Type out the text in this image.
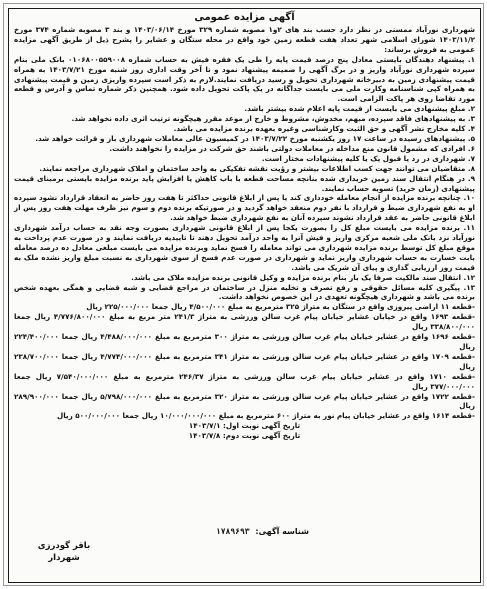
آگهی مزایده عمومی

شهرداری نورآباد ممسنی در نظر دارد حسب بند های ۲و۱ مصوبه شماره ۳۲۹ مورخ ۱۴۰۳/۰۶/۱۴ و بند ۳ مصوبه شماره ۳۷۴ مورخ ۱۴۰۳/۱۱/۲ شورای اسلامی شهر تعداد هفت قطعه زمین خود واقع در محله ستگان و عشایر را پشرح ذیل از طریق آگهی مزایده عمومی به فروش برساند:

۱. پیشنهاد دهندگان بایستی معادل پنج درصد قیمت پایه را طی یک فقره فیش به حساب شماره ۰۱۰۶۸۰۰۵۵۹۰۰۸ بانک ملی بنام سپرده شهرداری نورآباد واریز و در برگ آگهی را ضمیمه پیشنهاد نمود و تا آخر وقت اداری روز شنبه مورخ ۱۴۰۳/۷/۲۱ به همراه قیمت پیشنهادی زمین به دبیرخانه شهرداری تحویل و رسید دریافت نمایند.لازم به ذکر است سپرده واریزی زمین و قیمت پیشنهادی به همراه کپی شناسنامه وکارت ملی می بایست جداگانه در یک پاکت تحویل داده شود. همچنین ذکر شماره تماس و آدرس و قطعه مورد تقاضا روی هر پاکت الزامی است.

۲. مبلغ پیشنهادی می بایست از قیمت پایه اعلام شده بیشتر باشد.

۳. به پیشنهادهای فاقد سپرده، مبهم، مخدوش، مشروط و خارج از موعد مقرر هیچگونه ترتیب اثری داده نخواهد شد.

۴. کلیه مخارج نشر آگهی و حق الثبت وکارشناسی وغیره بعهده برنده مزایده می باشد.

۵. پیشنهادهای رسیده در ساعت ۱۷ روز یکشنبه مورخ ۱۴۰۳/۷/۲۲ در کمیسیون عالی معاملات شهرداری باز و قرائت خواهد شد.

۶. افرادی که مشمول قانون منع مداخله در معاملات دولتی باشند حق شرکت در مزایده را نخواهند داشت.

۷. شهرداری در رد یا قبول یک یا کلیه پیشنهادات مختار است.

۸. متقاضیان می توانند جهت کسب اطلاعات بیشتر و رؤیت نقشه تفکیکی به واحد ساختمان و املاک شهرداری مراجعه نمایند.

۹. در هنگام انتقال سند زمین خریداری شده بنانچه مساحت قطعه با باب کاهش یا افزایش پاید برنده مزایده بایستی برمبنای قیمت پیشنهادی (زمان خرید) تسویه حساب نمایند.

۱۰. چنانچه برنده مزایده از انجام معامله خودداری کند یا پس از ابلاغ قانونی حداکثر تا هفت روز حاضر به انعقاد قرارداد نشود سپرده او به نفع شهرداری ضبط و قرارداد با نفر دوم منعقد خواهد گردید و در صورتیکه برنده دوم و سوم نیز ظرف مهلت هفت روز پس از ابلاغ قانونی حاضر به عقد قرارداد نشوند سپرده آنان به نفع شهرداری ضبط خواهد شد.

۱۱. برنده مزایده می بایست مبلغ کل را بصورت یکجا پس از ابلاغ قانونی شهرداری بصورت وجه نقد به حساب درآمد شهرداری نورآباد نزد بانک ملی شعبه مرکزی واریز و فیش آنرا به واحد درآمد تحویل دهند تا تاییدیه دریافت نمایند و در صورت عدم پرداخت به موقع مبلغ کل توسط برنده مزایده شهرداری می تواند معامله را فسخ نماید وبرنده مزایده می بایست مبلغی معادل ده درصد معامله بابت خسارت به حساب شهرداری واریز نماید و شهرداری در صورت عدم فسخ از سوی شهرداری به نسبت مبلغ واریز نشده ملک به قیمت روز ارزیابی گذاری و پیای آن شریک می باشد.

۱۲. انتقال سند مالکیت صرفا یک بار بنام برنده مزایده و وکیل قانونی برنده مزایده ملاک می باشد.

۱۳. پیگیری کلیه مسائل حقوقی و رفع تصرف و تخلیه منزل در ساختمان در مراجع قضایی و شبه قضایی و همگی بعهده شخص برنده می باشد و شهرداری هیچگونه تعهدی در این خصوص نخواهد داشت.

-قطعه ۱۱ اراضی پیروزی واقع در ستگان به متراژ ۳۲۵ مترمربع به مبلغ ۴/۵۰۰/۰۰۰ ریال جمعا ۲۲۵/۰۰۰/۰۰۰ ریال

-قطعه ۱۶۹۳ واقع در خیابان عشایر خیابان پیام غرب سالن ورزشی به متراژ ۲۴۱/۳ متر مربع به مبلغ ۴/۷۷۶/۸۰۰/۰۰۰ ریال جمعا ۳۳۸/۸۰۰/۰۰۰ ریال

-قطعه ۱۶۹۶ واقع در عشایر خیابان پیام غرب سالن ورزشی به متراژ ۳۰۰ مترمربع به مبلغ ۴/۴۸۸/۰۰۰/۰۰۰ ریال جمعا ۲۲۴/۴۰۰/۰۰۰ ریال

-قطعه ۱۷۰۹ واقع در عشایر خیابان پیام غرب سالن ورزشی به متراژ ۳۴۱ مترمربع به مبلغ ۴/۷۷۴/۰۰۰/۰۰۰ ریال جمعا ۲۳۸/۷۰۰/۰۰۰ ریال

-قطعه ۱۷۱۰ واقع در عشایر خیابان پیام غرب سالن ورزشی به متراژ ۲۴۶/۳۷ مترمربع به مبلغ ۷/۵۴۰/۰۰۰/۰۰۰ ریال جمعا ۳۷۷/۰۰۰/۰۰۰ ریال

-قطعه ۱۷۲۲ واقع در عشایر خیابان پیام غرب سالن ورزشی به متراژ ۳۲۰ مترمربع به مبلغ ۵/۷۹۸/۰۰۰/۰۰۰ ریال جمعا ۲۸۹/۹۰۰/۰۰۰ ریال

-قطعه ۱۶۱۴ واقع در عشایر خیابان پیام نور به متراژ ۶۰۰ مترمربع به مبلغ ۱۰/۰۰۰/۰۰۰/۰۰۰ ریال جمعا ۵۰۰/۰۰۰/۰۰۰ ریال

تاریخ آگهی نوبت اول: ۱۴۰۳/۷/۱

تاریخ آگهی نوبت دوم: ۱۴۰۳/۷/۸

شناسه آگهی: ۱۷۸۹۶۹۳
باقر گودرزی
شهردار
